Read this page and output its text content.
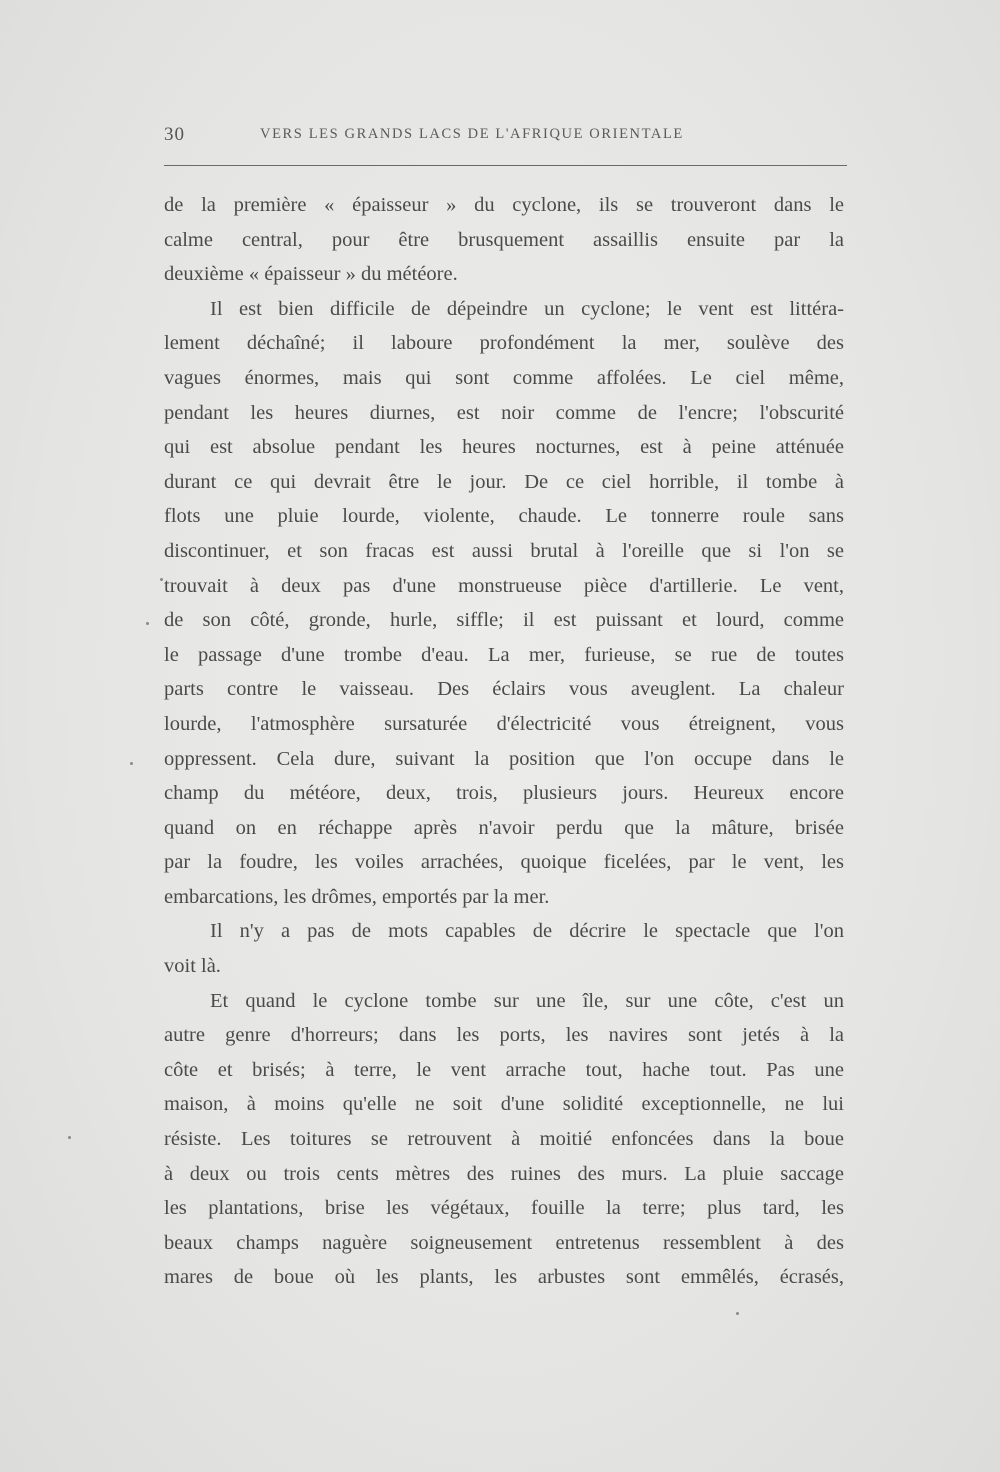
30	VERS LES GRANDS LACS DE L'AFRIQUE ORIENTALE
de la première « épaisseur » du cyclone, ils se trouveront dans le
calme central, pour être brusquement assaillis ensuite par la
deuxième « épaisseur » du météore.
Il est bien difficile de dépeindre un cyclone; le vent est littéra-
lement déchaîné; il laboure profondément la mer, soulève des
vagues énormes, mais qui sont comme affolées. Le ciel même,
pendant les heures diurnes, est noir comme de l'encre; l'obscurité
qui est absolue pendant les heures nocturnes, est à peine atténuée
durant ce qui devrait être le jour. De ce ciel horrible, il tombe à
flots une pluie lourde, violente, chaude. Le tonnerre roule sans
discontinuer, et son fracas est aussi brutal à l'oreille que si l'on se
trouvait à deux pas d'une monstrueuse pièce d'artillerie. Le vent,
de son côté, gronde, hurle, siffle; il est puissant et lourd, comme
le passage d'une trombe d'eau. La mer, furieuse, se rue de toutes
parts contre le vaisseau. Des éclairs vous aveuglent. La chaleur
lourde, l'atmosphère sursaturée d'électricité vous étreignent, vous
oppressent. Cela dure, suivant la position que l'on occupe dans le
champ du météore, deux, trois, plusieurs jours. Heureux encore
quand on en réchappe après n'avoir perdu que la mâture, brisée
par la foudre, les voiles arrachées, quoique ficelées, par le vent, les
embarcations, les drômes, emportés par la mer.
Il n'y a pas de mots capables de décrire le spectacle que l'on
voit là.
Et quand le cyclone tombe sur une île, sur une côte, c'est un
autre genre d'horreurs; dans les ports, les navires sont jetés à la
côte et brisés; à terre, le vent arrache tout, hache tout. Pas une
maison, à moins qu'elle ne soit d'une solidité exceptionnelle, ne lui
résiste. Les toitures se retrouvent à moitié enfoncées dans la boue
à deux ou trois cents mètres des ruines des murs. La pluie saccage
les plantations, brise les végétaux, fouille la terre; plus tard, les
beaux champs naguère soigneusement entretenus ressemblent à des
mares de boue où les plants, les arbustes sont emmêlés, écrasés,
